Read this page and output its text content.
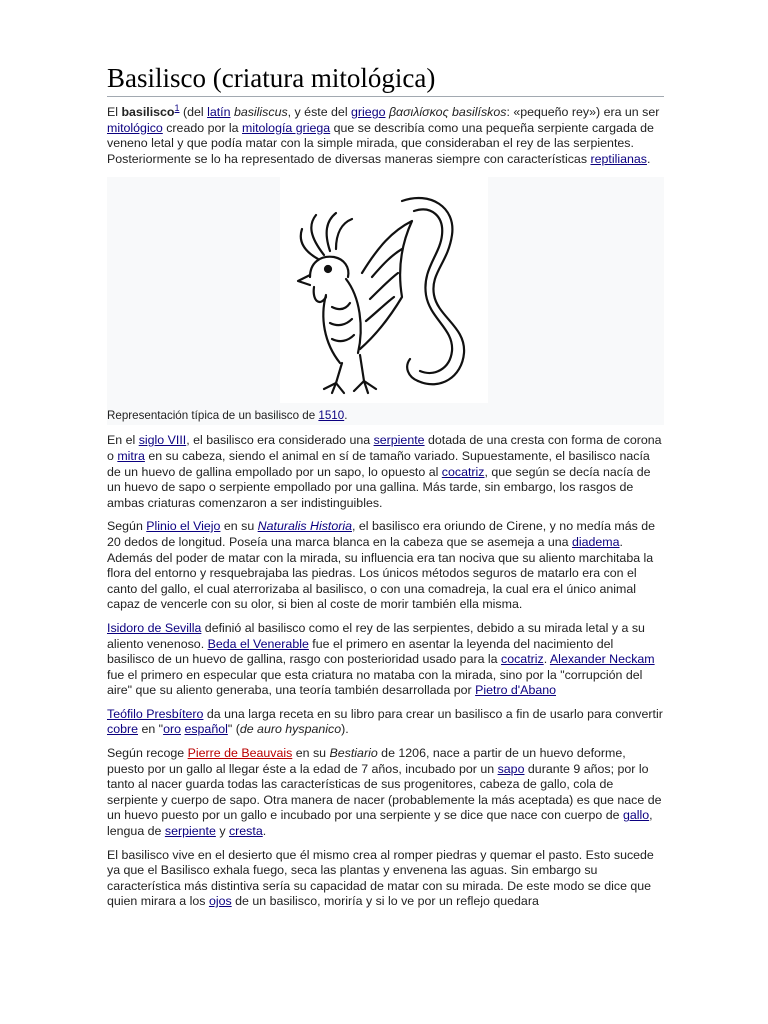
Basilisco (criatura mitológica)

El basilisco$^1$ (del latín basiliscus, y éste del griego βασιλίσκος basilískos: «pequeño rey») era un ser mitológico creado por la mitología griega que se describía como una pequeña serpiente cargada de veneno letal y que podía matar con la simple mirada, que consideraban el rey de las serpientes. Posteriormente se lo ha representado de diversas maneras siempre con características reptilianas.

Representación típica de un basilisco de 1510.

En el siglo VIII, el basilisco era considerado una serpiente dotada de una cresta con forma de corona o mitra en su cabeza, siendo el animal en sí de tamaño variado. Supuestamente, el basilisco nacía de un huevo de gallina empollado por un sapo, lo opuesto al cocatriz, que según se decía nacía de un huevo de sapo o serpiente empollado por una gallina. Más tarde, sin embargo, los rasgos de ambas criaturas comenzaron a ser indistinguibles.

Según Plinio el Viejo en su Naturalis Historia, el basilisco era oriundo de Cirene, y no medía más de 20 dedos de longitud. Poseía una marca blanca en la cabeza que se asemeja a una diadema. Además del poder de matar con la mirada, su influencia era tan nociva que su aliento marchitaba la flora del entorno y resquebrajaba las piedras. Los únicos métodos seguros de matarlo era con el canto del gallo, el cual aterrorizaba al basilisco, o con una comadreja, la cual era el único animal capaz de vencerle con su olor, si bien al coste de morir también ella misma.

Isidoro de Sevilla definió al basilisco como el rey de las serpientes, debido a su mirada letal y a su aliento venenoso. Beda el Venerable fue el primero en asentar la leyenda del nacimiento del basilisco de un huevo de gallina, rasgo con posterioridad usado para la cocatriz. Alexander Neckam fue el primero en especular que esta criatura no mataba con la mirada, sino por la "corrupción del aire" que su aliento generaba, una teoría también desarrollada por Pietro d'Abano

Teófilo Presbítero da una larga receta en su libro para crear un basilisco a fin de usarlo para convertir cobre en "oro español" (de auro hyspanico).

Según recoge Pierre de Beauvais en su Bestiario de 1206, nace a partir de un huevo deforme, puesto por un gallo al llegar éste a la edad de 7 años, incubado por un sapo durante 9 años; por lo tanto al nacer guarda todas las características de sus progenitores, cabeza de gallo, cola de serpiente y cuerpo de sapo. Otra manera de nacer (probablemente la más aceptada) es que nace de un huevo puesto por un gallo e incubado por una serpiente y se dice que nace con cuerpo de gallo, lengua de serpiente y cresta.

El basilisco vive en el desierto que él mismo crea al romper piedras y quemar el pasto. Esto sucede ya que el Basilisco exhala fuego, seca las plantas y envenena las aguas. Sin embargo su característica más distintiva sería su capacidad de matar con su mirada. De este modo se dice que quien mirara a los ojos de un basilisco, moriría y si lo ve por un reflejo quedara
